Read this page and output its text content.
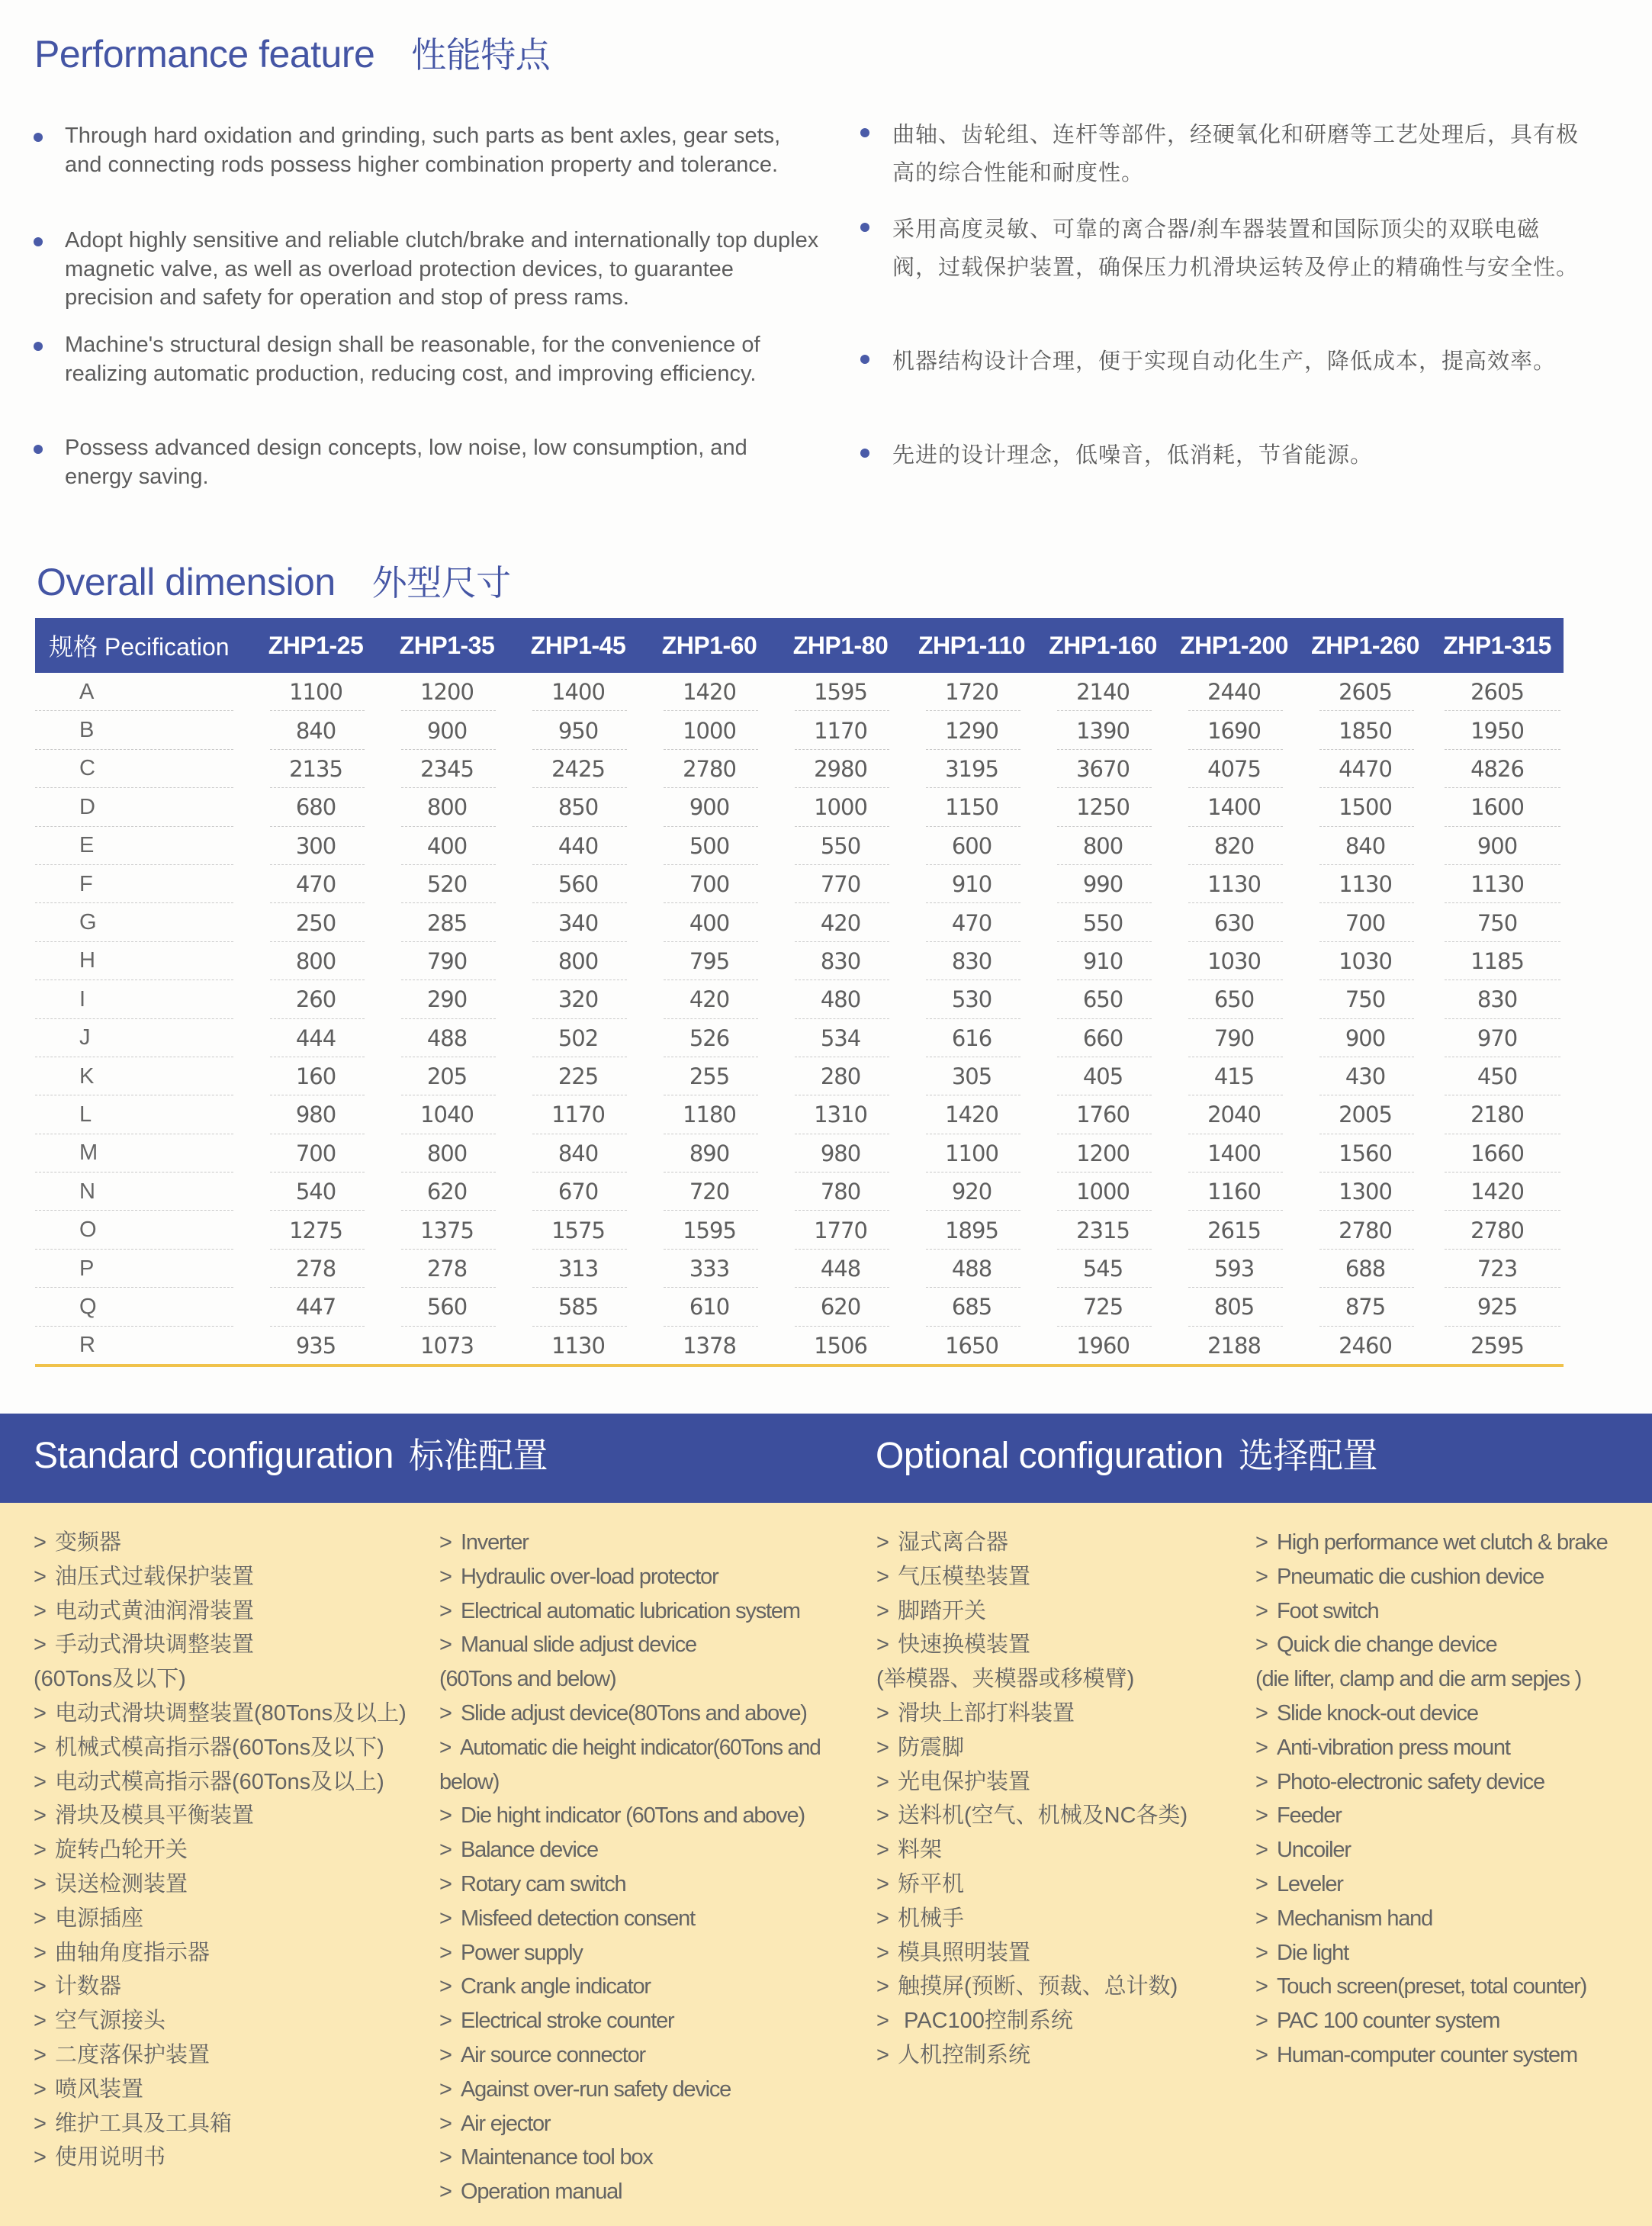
Performance feature 性能特点
Through hard oxidation and grinding, such parts as bent axles, gear sets, and connecting rods possess higher combination property and tolerance.
Adopt highly sensitive and reliable clutch/brake and internationally top duplex magnetic valve, as well as overload protection devices, to guarantee precision and safety for operation and stop of press rams.
Machine's structural design shall be reasonable, for the convenience of realizing automatic production, reducing cost, and improving efficiency.
Possess advanced design concepts, low noise, low consumption, and energy saving.
曲轴、齿轮组、连杆等部件，经硬氧化和研磨等工艺处理后，具有极高的综合性能和耐度性。
采用高度灵敏、可靠的离合器/刹车器装置和国际顶尖的双联电磁阀，过载保护装置，确保压力机滑块运转及停止的精确性与安全性。
机器结构设计合理，便于实现自动化生产，降低成本，提高效率。
先进的设计理念，低噪音，低消耗，节省能源。
Overall dimension 外型尺寸
规格 Pecification	ZHP1-25	ZHP1-35	ZHP1-45	ZHP1-60	ZHP1-80	ZHP1-110 ZHP1-160 ZHP1-200 ZHP1-260 ZHP1-315
A	1100	1200	1400	1420	1595	1720	2140	2440	2605	2605
B	840	900	950	1000	1170	1290	1390	1690	1850	1950
C	2135	2345	2425	2780	2980	3195	3670	4075	4470	4826
D	680	800	850	900	1000	1150	1250	1400	1500	1600
E	300	400	440	500	550	600	800	820	840	900
F	470	520	560	700	770	910	990	1130	1130	1130
G	250	285	340	400	420	470	550	630	700	750
H	800	790	800	795	830	830	910	1030	1030	1185
I	260	290	320	420	480	530	650	650	750	830
J	444	488	502	526	534	616	660	790	900	970
K	160	205	225	255	280	305	405	415	430	450
L	980	1040	1170	1180	1310	1420	1760	2040	2005	2180
M	700	800	840	890	980	1100	1200	1400	1560	1660
N	540	620	670	720	780	920	1000	1160	1300	1420
O	1275	1375	1575	1595	1770	1895	2315	2615	2780	2780
P	278	278	313	333	448	488	545	593	688	723
Q	447	560	585	610	620	685	725	805	875	925
R	935	1073	1130	1378	1506	1650	1960	2188	2460	2595
Standard configuration 标准配置	Optional configuration 选择配置
> 变频器
> 油压式过载保护装置
> 电动式黄油润滑装置
> 手动式滑块调整装置
(60Tons及以下)
> 电动式滑块调整装置(80Tons及以上)
> 机械式模高指示器(60Tons及以下)
> 电动式模高指示器(60Tons及以上)
> 滑块及模具平衡装置
> 旋转凸轮开关
> 误送检测装置
> 电源插座
> 曲轴角度指示器
> 计数器
> 空气源接头
> 二度落保护装置
> 喷风装置
> 维护工具及工具箱
> 使用说明书
> Inverter
> Hydraulic over-load protector
> Electrical automatic lubrication system
> Manual slide adjust device
(60Tons and below)
> Slide adjust device(80Tons and above)
> Automatic die height indicator(60Tons and
below)
> Die hight indicator (60Tons and above)
> Balance device
> Rotary cam switch
> Misfeed detection consent
> Power supply
> Crank angle indicator
> Electrical stroke counter
> Air source connector
> Against over-run safety device
> Air ejector
> Maintenance tool box
> Operation manual
> 湿式离合器
> 气压模垫装置
> 脚踏开关
> 快速换模装置
(举模器、夹模器或移模臂)
> 滑块上部打料装置
> 防震脚
> 光电保护装置
> 送料机(空气、机械及NC各类)
> 料架
> 矫平机
> 机械手
> 模具照明装置
> 触摸屏(预断、预裁、总计数)
> PAC100控制系统
> 人机控制系统
> High performance wet clutch & brake
> Pneumatic die cushion device
> Foot switch
> Quick die change device
(die lifter, clamp and die arm sepjes )
> Slide knock-out device
> Anti-vibration press mount
> Photo-electronic safety device
> Feeder
> Uncoiler
> Leveler
> Mechanism hand
> Die light
> Touch screen(preset, total counter)
> PAC 100 counter system
> Human-computer counter system
